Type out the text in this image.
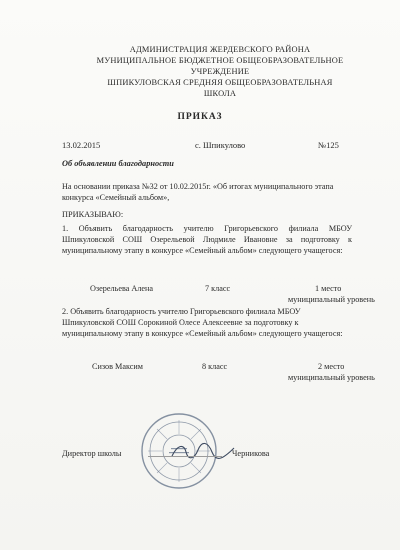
АДМИНИСТРАЦИЯ ЖЕРДЕВСКОГО РАЙОНА
МУНИЦИПАЛЬНОЕ БЮДЖЕТНОЕ ОБЩЕОБРАЗОВАТЕЛЬНОЕ
УЧРЕЖДЕНИЕ
ШПИКУЛОВСКАЯ СРЕДНЯЯ ОБЩЕОБРАЗОВАТЕЛЬНАЯ
ШКОЛА
ПРИКАЗ
13.02.2015	с. Шпикулово	№125
Об объявлении благодарности
На основании приказа №32 от 10.02.2015г. «Об итогах муниципального этапа конкурса «Семейный альбом»,
ПРИКАЗЫВАЮ:
1. Объявить благодарность учителю Григорьевского филиала МБОУ Шпикуловской СОШ Озерельевой Людмиле Ивановне за подготовку к муниципальному этапу в конкурсе «Семейный альбом» следующего учащегося:
Озерельева Алена	7 класс	1 место
муниципальный уровень
2. Объявить благодарность учителю Григорьевского филиала МБОУ Шпикуловской СОШ Сорокиной Олесе Алексеевне за подготовку к муниципальному этапу в конкурсе «Семейный альбом» следующего учащегося:
Сизов Максим	8 класс	2 место
муниципальный уровень
Директор школы	Черникова
